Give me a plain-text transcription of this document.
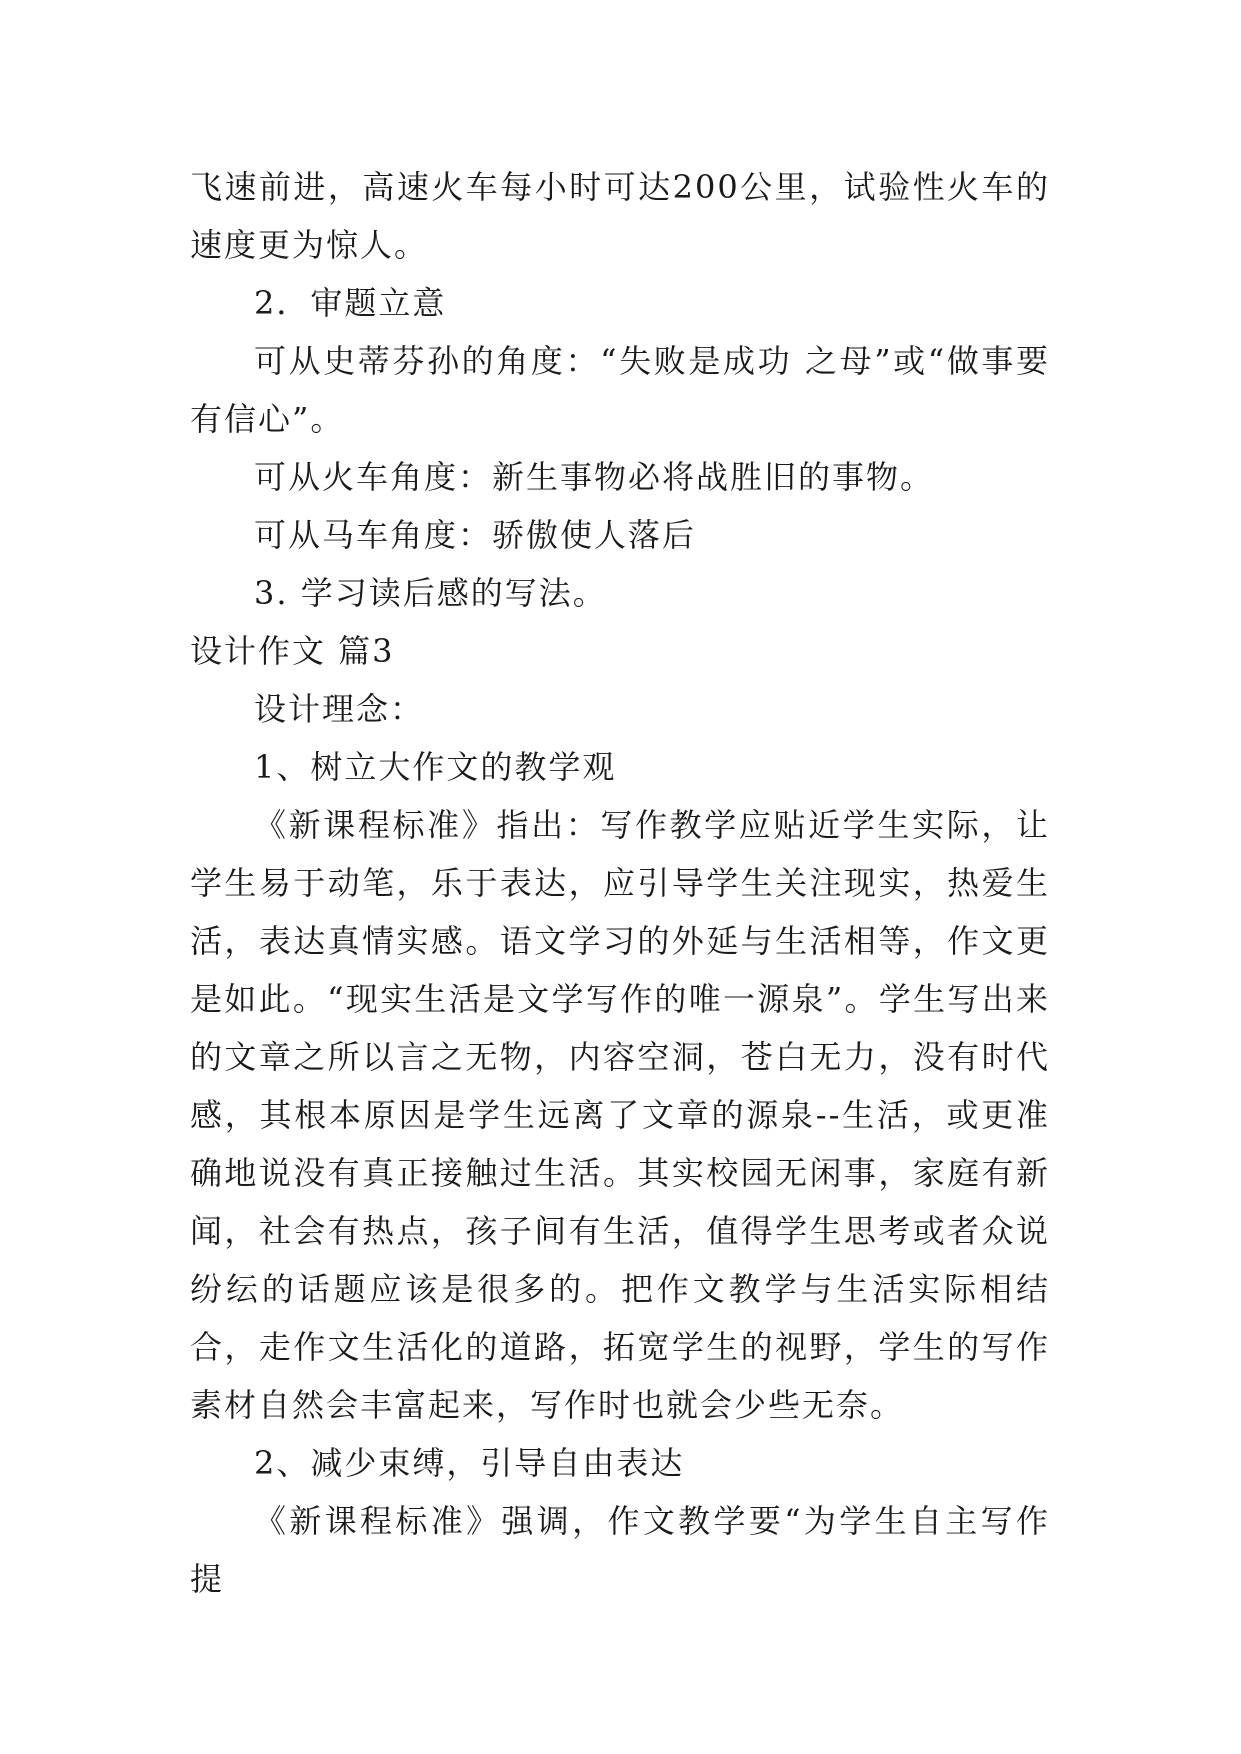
飞速前进，高速火车每小时可达200公里，试验性火车的速度更为惊人。

2．审题立意

可从史蒂芬孙的角度：“失败是成功 之母”或“做事要有信心”。

可从火车角度：新生事物必将战胜旧的事物。

可从马车角度：骄傲使人落后

3. 学习读后感的写法。

设计作文 篇3

设计理念：

1、树立大作文的教学观

《新课程标准》指出：写作教学应贴近学生实际，让学生易于动笔，乐于表达，应引导学生关注现实，热爱生活，表达真情实感。语文学习的外延与生活相等，作文更是如此。“现实生活是文学写作的唯一源泉”。学生写出来的文章之所以言之无物，内容空洞，苍白无力，没有时代感，其根本原因是学生远离了文章的源泉--生活，或更准确地说没有真正接触过生活。其实校园无闲事，家庭有新闻，社会有热点，孩子间有生活，值得学生思考或者众说纷纭的话题应该是很多的。把作文教学与生活实际相结合，走作文生活化的道路，拓宽学生的视野，学生的写作素材自然会丰富起来，写作时也就会少些无奈。

2、减少束缚，引导自由表达

《新课程标准》强调，作文教学要“为学生自主写作提
